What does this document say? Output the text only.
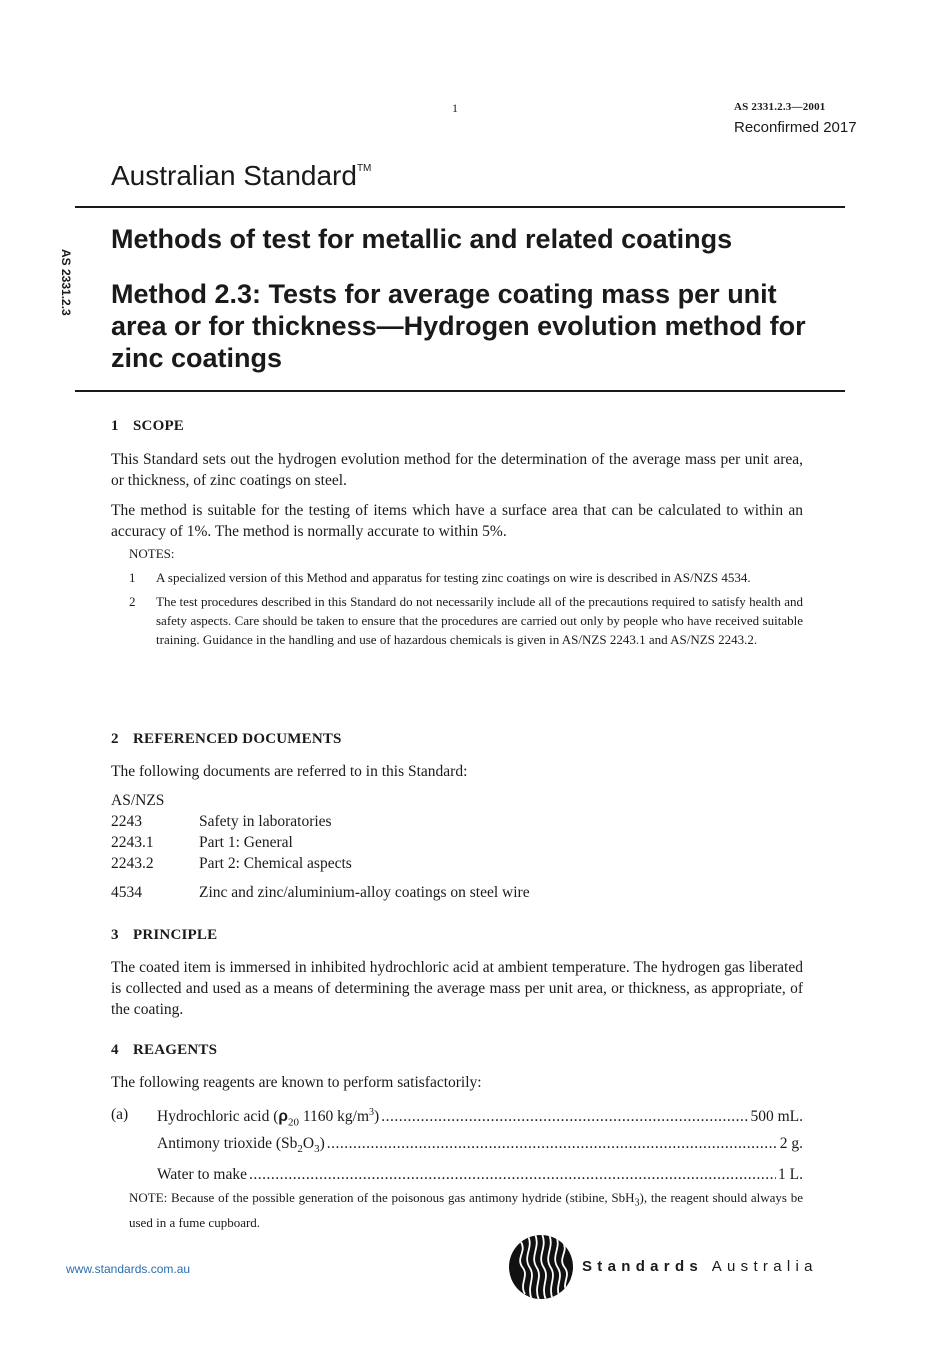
1	AS 2331.2.3—2001
Reconfirmed 2017
Australian Standard™
AS 2331.2.3
Methods of test for metallic and related coatings
Method 2.3: Tests for average coating mass per unit area or for thickness—Hydrogen evolution method for zinc coatings
1 SCOPE

This Standard sets out the hydrogen evolution method for the determination of the average mass per unit area, or thickness, of zinc coatings on steel.

The method is suitable for the testing of items which have a surface area that can be calculated to within an accuracy of 1%. The method is normally accurate to within 5%.

NOTES:
1 A specialized version of this Method and apparatus for testing zinc coatings on wire is described in AS/NZS 4534.
2 The test procedures described in this Standard do not necessarily include all of the precautions required to satisfy health and safety aspects. Care should be taken to ensure that the procedures are carried out only by people who have received suitable training. Guidance in the handling and use of hazardous chemicals is given in AS/NZS 2243.1 and AS/NZS 2243.2.
2 REFERENCED DOCUMENTS

The following documents are referred to in this Standard:

AS/NZS
2243	Safety in laboratories
2243.1	Part 1: General
2243.2	Part 2: Chemical aspects
4534	Zinc and zinc/aluminium-alloy coatings on steel wire
3 PRINCIPLE

The coated item is immersed in inhibited hydrochloric acid at ambient temperature. The hydrogen gas liberated is collected and used as a means of determining the average mass per unit area, or thickness, as appropriate, of the coating.

4 REAGENTS

The following reagents are known to perform satisfactorily:

(a) Hydrochloric acid ($\rho_{20}$ 1160 $kg/m^3$) .....	500 mL.
Antimony trioxide $(Sb_2O_3)$ .....	2 g.
Water to make .....	1 L.
NOTE: Because of the possible generation of the poisonous gas antimony hydride (stibine, SbH$_3$), the reagent should always be used in a fume cupboard.
www.standards.com.au	Standards Australia
